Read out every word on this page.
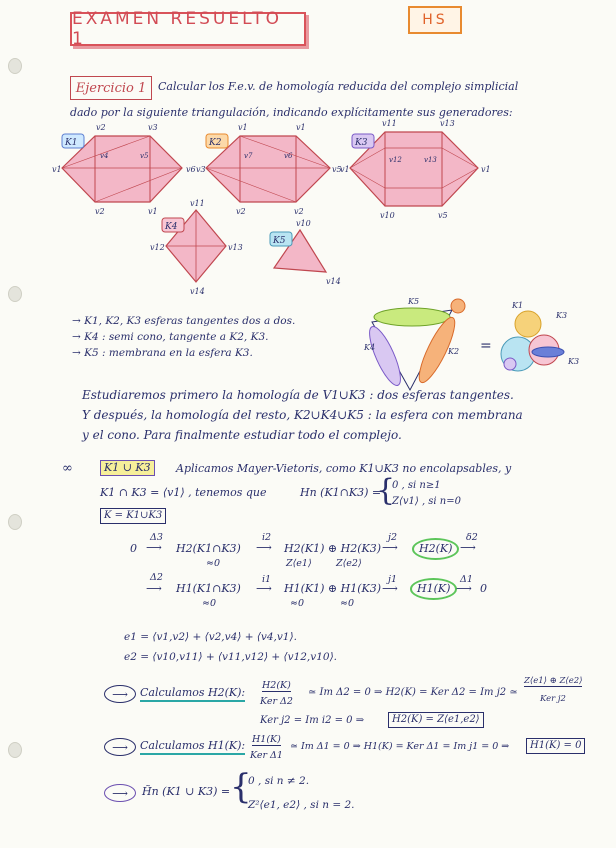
EXAMEN RESUELTO 1
HS
Ejercicio 1	Calcular los F.e.v. de homología reducida del complejo simplicial
dado por la siguiente triangulación, indicando explícitamente sus generadores:
v2	v3
v1	v6
v4	v5
v2	v1
K1
v1	v1
v3	v5
v7	v6
v2	v2
K2
v11	v13
v1	v1
v12	v13
v10	v5
K3
v11
v13
v12
v14
K4	v10
v14
K5
K5
K4	K2 =
K1
K3
K3
→ K1, K2, K3 esferas tangentes dos a dos.
→ K4 : semi cono, tangente a K2, K3.
→ K5 : membrana en la esfera K3.
Estudiaremos primero la homología de V1∪K3 : dos esferas tangentes.
Y después, la homología del resto, K2∪K4∪K5 : la esfera con membrana
y el cono. Para finalmente estudiar todo el complejo.
∞	K1 ∪ K3	Aplicamos Mayer-Vietoris, como K1∪K3 no encolapsables, y
K1 ∩ K3 = ⟨v1⟩ , tenemos que	Hn (K1∩K3) =
{
0 , si n≥1
Z⟨v1⟩ , si n=0
K = K1∪K3
0
Δ3
⟶ H2(K1∩K3)
≈0
i2
⟶ H2(K1) ⊕ H2(K3)
Z⟨e1⟩	Z⟨e2⟩
j2
⟶	H2(K)
δ2
⟶
Δ2
⟶ H1(K1∩K3)
≈0
i1
⟶ H1(K1) ⊕ H1(K3)
≈0	≈0
j1
⟶	H1(K)
Δ1
⟶ 0
e1 = ⟨v1,v2⟩ + ⟨v2,v4⟩ + ⟨v4,v1⟩.
e2 = ⟨v10,v11⟩ + ⟨v11,v12⟩ + ⟨v12,v10⟩.
⟶	Calculamos H2(K):
H2(K)
Ker Δ2
≃ Im Δ2 = 0 ⇒ H2(K) = Ker Δ2 = Im j2 ≃
Z⟨e1⟩ ⊕ Z⟨e2⟩
Ker j2
Ker j2 = Im i2 = 0 ⇒	H2(K) = Z⟨e1,e2⟩
⟶	Calculamos H1(K): H1(K)
Ker Δ1
≃ Im Δ1 = 0 ⇒ H1(K) = Ker Δ1 = Im j1 = 0 ⇒	H1(K) = 0
⟶	H̃n (K1 ∪ K3) = {
0 , si n ≠ 2.
Z²⟨e1, e2⟩ , si n = 2.
